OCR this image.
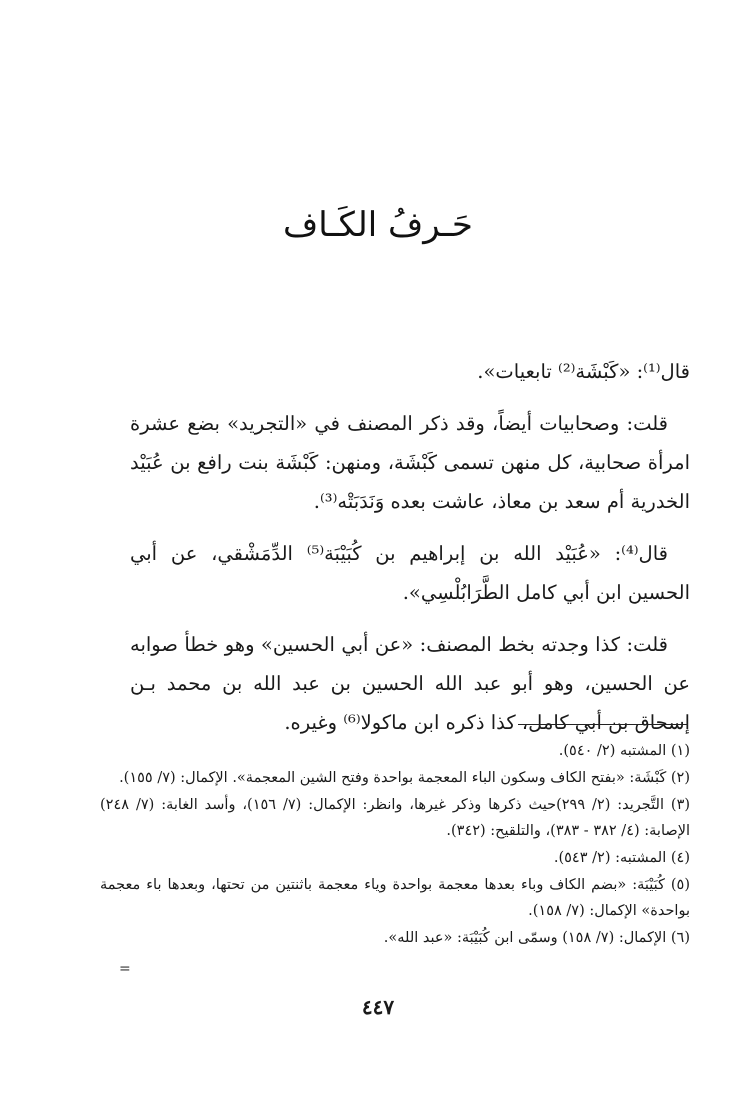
حَـرفُ الكَـاف

قال⁽¹⁾: «كَبْشَة⁽²⁾ تابعيات».

قلت: وصحابيات أيضاً، وقد ذكر المصنف في «التجريد» بضع عشرة امرأة صحابية، كل منهن تسمى كَبْشَة، ومنهن: كَبْشَة بنت رافع بن عُبَيْد الخدرية أم سعد بن معاذ، عاشت بعده وَنَدَبَتْه⁽³⁾.

قال⁽⁴⁾: «عُبَيْد الله بن إبراهيم بن كُبَيْبَة⁽⁵⁾ الدِّمَشْقي، عن أبي الحسين ابن أبي كامل الطَّرَابُلْسِي».

قلت: كذا وجدته بخط المصنف: «عن أبي الحسين» وهو خطأ صوابه عن الحسين، وهو أبو عبد الله الحسين بن عبد الله بن محمد بـن إسحاق بن أبي كامل، كذا ذكره ابن ماكولا⁽⁶⁾ وغيره.

(١) المشتبه (٢/ ٥٤٠).
(٢) كَبْشَة: «بفتح الكاف وسكون الباء المعجمة بواحدة وفتح الشين المعجمة». الإكمال: (٧/ ١٥٥).
(٣) التَّجريد: (٢/ ٢٩٩)حيث ذكرها وذكر غيرها، وانظر: الإكمال: (٧/ ١٥٦)، وأسد الغابة: (٧/ ٢٤٨) الإصابة: (٤/ ٣٨٢ - ٣٨٣)، والتلقيح: (٣٤٢).
(٤) المشتبه: (٢/ ٥٤٣).
(٥) كُبَيْبَة: «بضم الكاف وباء بعدها معجمة بواحدة وياء معجمة باثنتين من تحتها، وبعدها باء معجمة بواحدة» الإكمال: (٧/ ١٥٨).
(٦) الإكمال: (٧/ ١٥٨) وسمّى ابن كُبَيْبَة: «عبد الله».
=
٤٤٧
